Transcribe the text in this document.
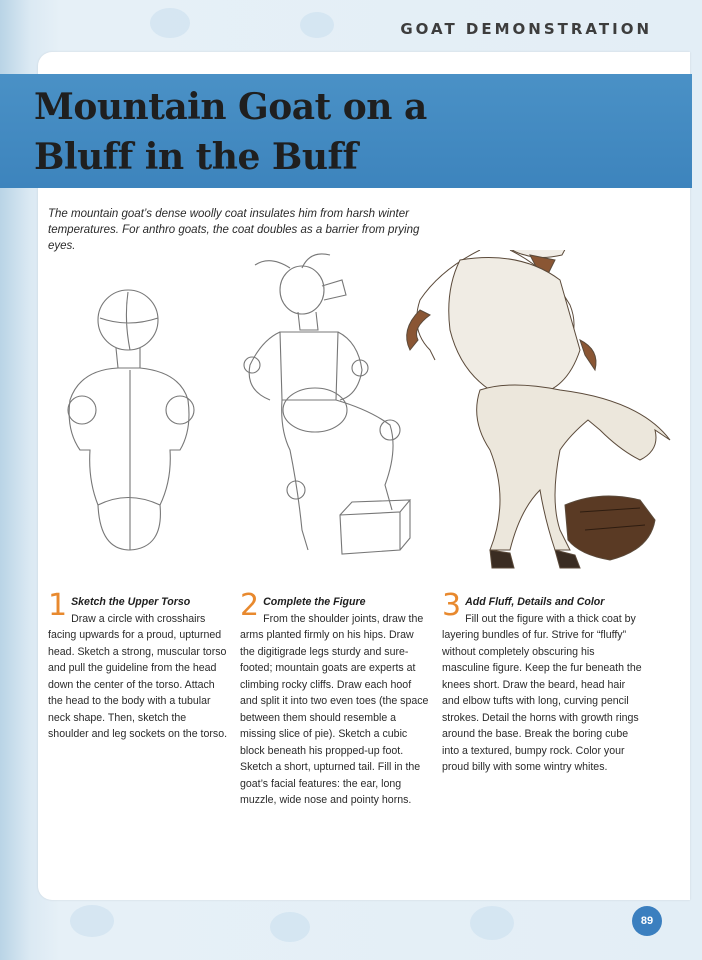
GOAT DEMONSTRATION
Mountain Goat on a
Bluff in the Buff
The mountain goat’s dense woolly coat insulates him from harsh winter temperatures. For anthro goats, the coat doubles as a barrier from prying eyes.
1 Sketch the Upper Torso
Draw a circle with crosshairs facing upwards for a proud, upturned head. Sketch a strong, muscular torso and pull the guideline from the head down the center of the torso. Attach the head to the body with a tubular neck shape. Then, sketch the shoulder and leg sockets on the torso.
2 Complete the Figure
From the shoulder joints, draw the arms planted firmly on his hips. Draw the digitigrade legs sturdy and sure-footed; mountain goats are experts at climbing rocky cliffs. Draw each hoof and split it into two even toes (the space between them should resemble a missing slice of pie). Sketch a cubic block beneath his propped-up foot. Sketch a short, upturned tail. Fill in the goat’s facial features: the ear, long muzzle, wide nose and pointy horns.
3 Add Fluff, Details and Color
Fill out the figure with a thick coat by layering bundles of fur. Strive for “fluffy” without completely obscuring his masculine figure. Keep the fur beneath the knees short. Draw the beard, head hair and elbow tufts with long, curving pencil strokes. Detail the horns with growth rings around the base. Break the boring cube into a textured, bumpy rock. Color your proud billy with some wintry whites.
89
